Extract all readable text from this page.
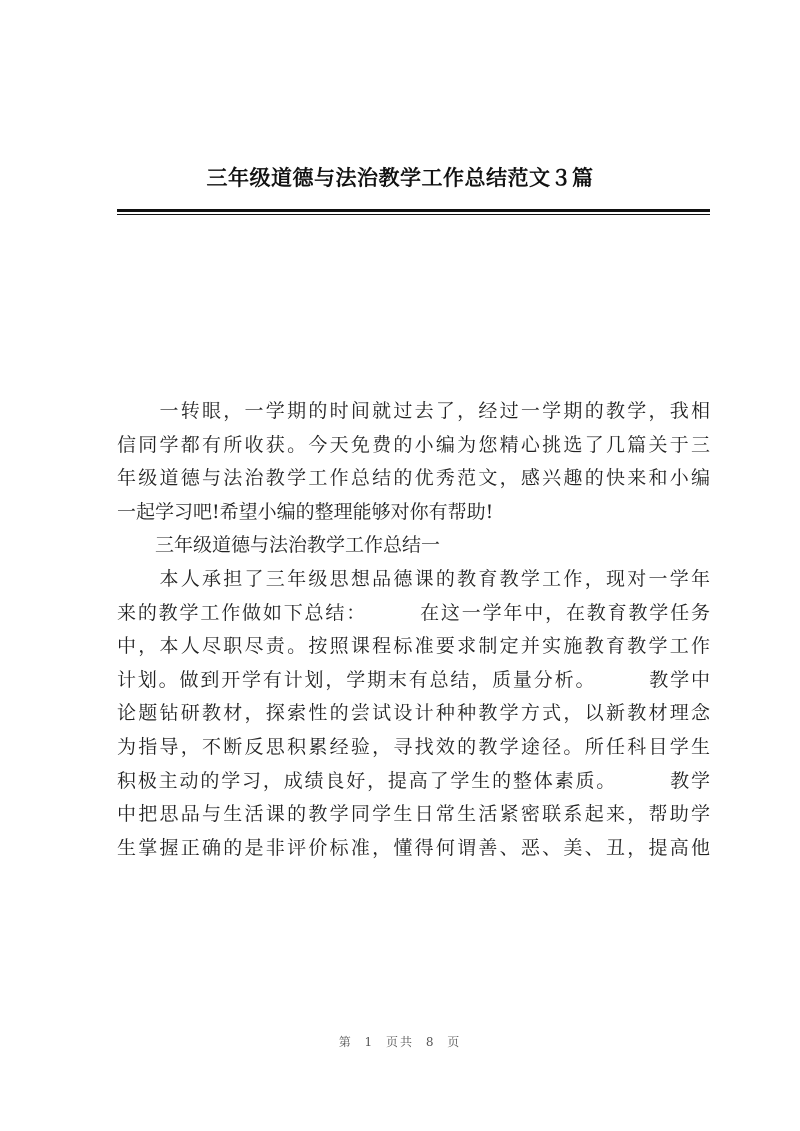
三年级道德与法治教学工作总结范文３篇
　　一转眼，一学期的时间就过去了，经过一学期的教学，我相
信同学都有所收获。今天免费的小编为您精心挑选了几篇关于三
年级道德与法治教学工作总结的优秀范文，感兴趣的快来和小编
一起学习吧!希望小编的整理能够对你有帮助!
　　三年级道德与法治教学工作总结一
　　本人承担了三年级思想品德课的教育教学工作，现对一学年
来的教学工作做如下总结：　　　在这一学年中，在教育教学任务
中，本人尽职尽责。按照课程标准要求制定并实施教育教学工作
计划。做到开学有计划，学期末有总结，质量分析。　　　教学中
论题钻研教材，探索性的尝试设计种种教学方式，以新教材理念
为指导，不断反思积累经验，寻找效的教学途径。所任科目学生
积极主动的学习，成绩良好，提高了学生的整体素质。　　　教学
中把思品与生活课的教学同学生日常生活紧密联系起来，帮助学
生掌握正确的是非评价标准，懂得何谓善、恶、美、丑，提高他
第 1 页共 8 页
